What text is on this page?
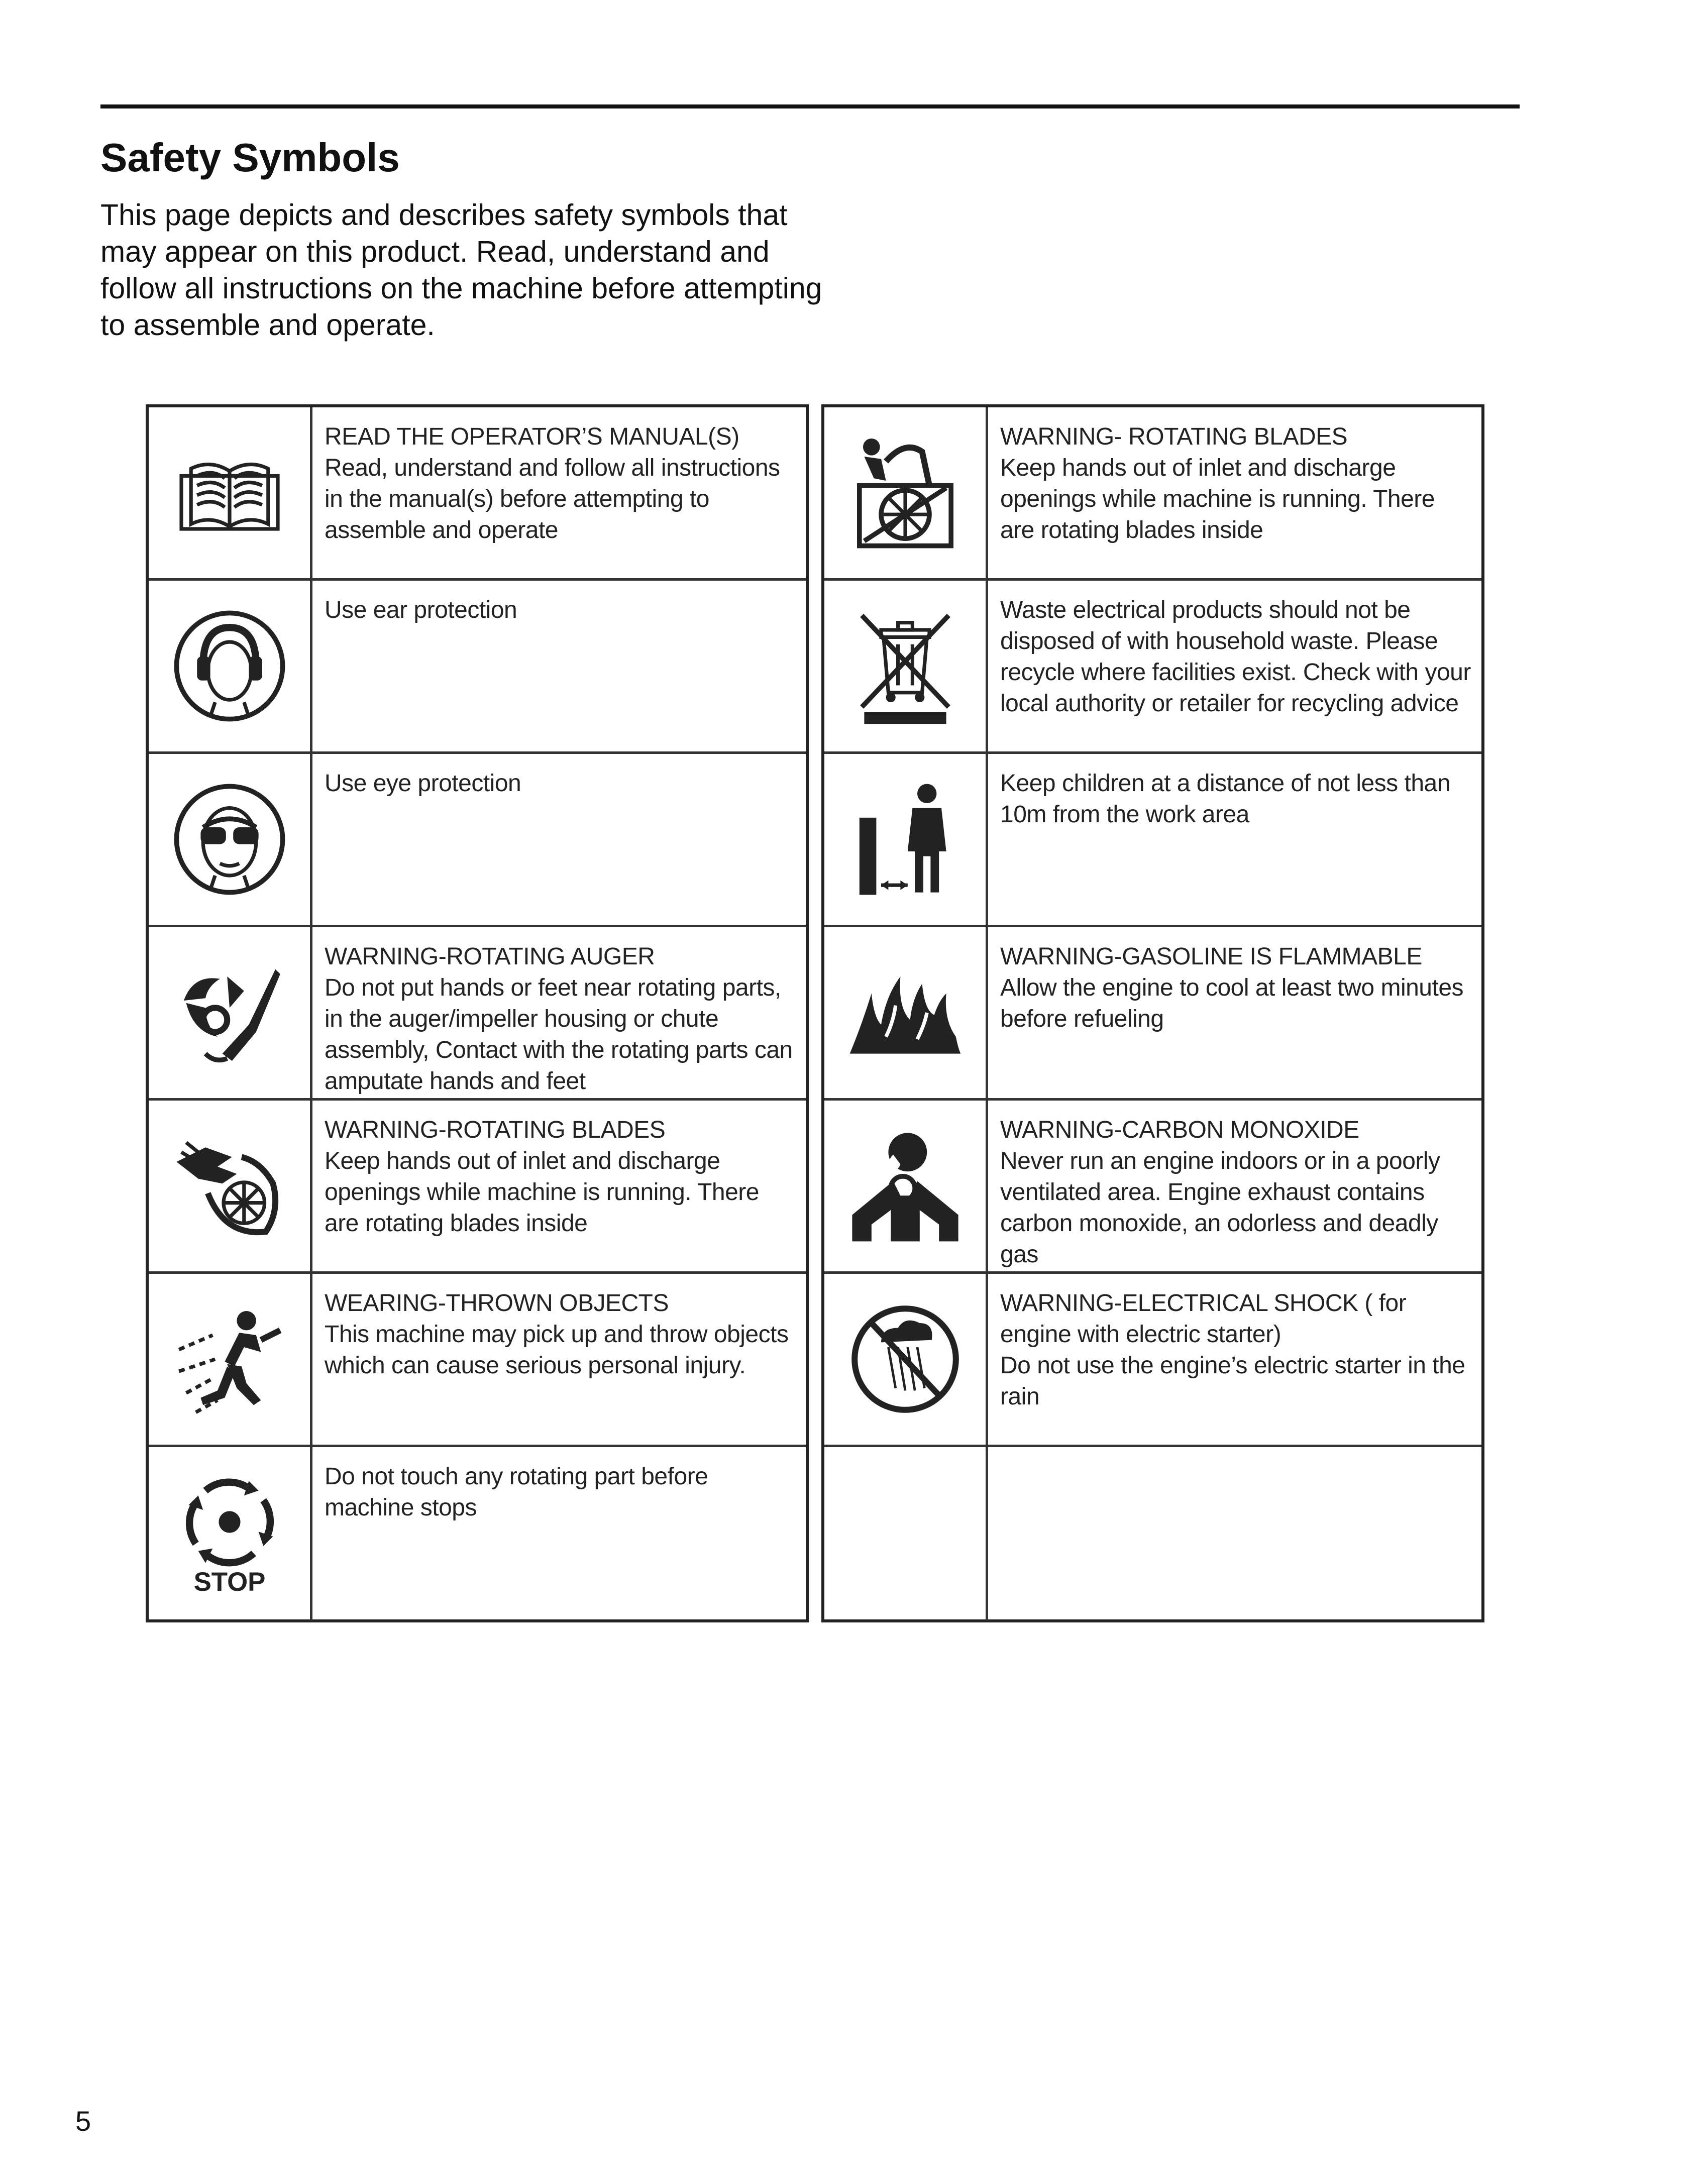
Safety Symbols

This page depicts and describes safety symbols that may appear on this product. Read, understand and follow all instructions on the machine before attempting to assemble and operate.

READ THE OPERATOR’S MANUAL(S)
Read, understand and follow all instructions in the manual(s) before attempting to assemble and operate
Use ear protection
Use eye protection
WARNING-ROTATING AUGER
Do not put hands or feet near rotating parts, in the auger/impeller housing or chute assembly, Contact with the rotating parts can amputate hands and feet
WARNING-ROTATING BLADES
Keep hands out of inlet and discharge openings while machine is running. There are rotating blades inside
WEARING-THROWN OBJECTS
This machine may pick up and throw objects which can cause serious personal injury.
STOP
Do not touch any rotating part before machine stops
WARNING- ROTATING BLADES
Keep hands out of inlet and discharge openings while machine is running. There are rotating blades inside
Waste electrical products should not be disposed of with household waste. Please recycle where facilities exist. Check with your local authority or retailer for recycling advice
Keep children at a distance of not less than 10m from the work area
WARNING-GASOLINE IS FLAMMABLE
Allow the engine to cool at least two minutes before refueling
WARNING-CARBON MONOXIDE
Never run an engine indoors or in a poorly ventilated area. Engine exhaust contains carbon monoxide, an odorless and deadly gas
WARNING-ELECTRICAL SHOCK ( for engine with electric starter)
Do not use the engine’s electric starter in the rain
5
